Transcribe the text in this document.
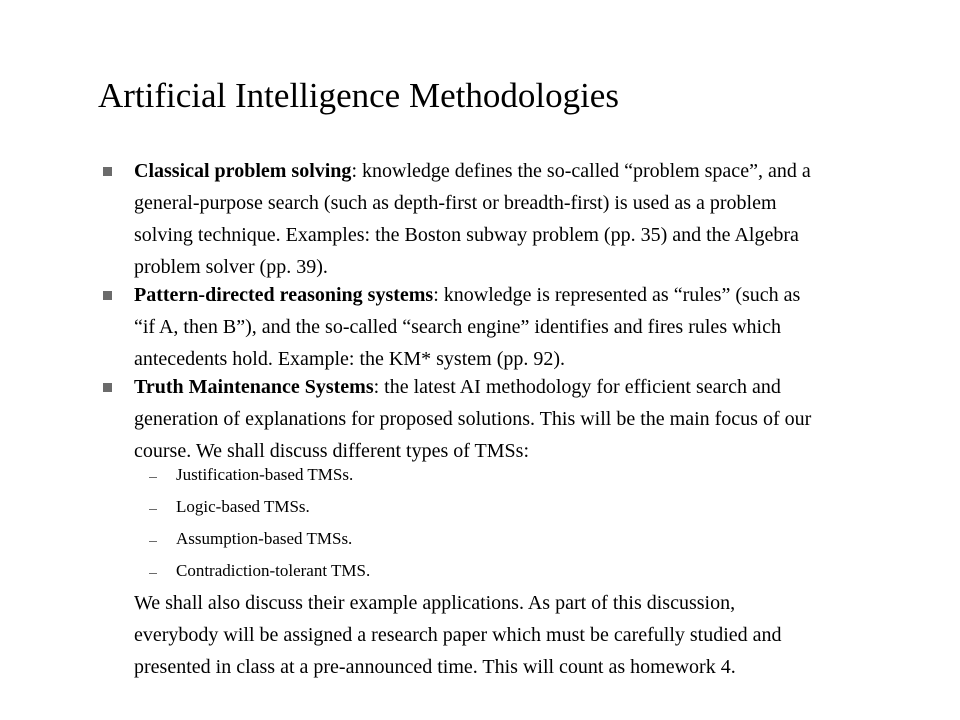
Artificial Intelligence Methodologies
Classical problem solving: knowledge defines the so-called “problem space”, and a
general-purpose search (such as depth-first or breadth-first) is used as a problem
solving technique. Examples: the Boston subway problem (pp. 35) and the Algebra
problem solver (pp. 39).
Pattern-directed reasoning systems: knowledge is represented as “rules” (such as
“if A, then B”), and the so-called “search engine” identifies and fires rules which
antecedents hold. Example: the KM* system (pp. 92).
Truth Maintenance Systems: the latest AI methodology for efficient search and
generation of explanations for proposed solutions. This will be the main focus of our
course. We shall discuss different types of TMSs:
Justification-based TMSs.
Logic-based TMSs.
Assumption-based TMSs.
Contradiction-tolerant TMS.
We shall also discuss their example applications. As part of this discussion,
everybody will be assigned a research paper which must be carefully studied and
presented in class at a pre-announced time. This will count as homework 4.
